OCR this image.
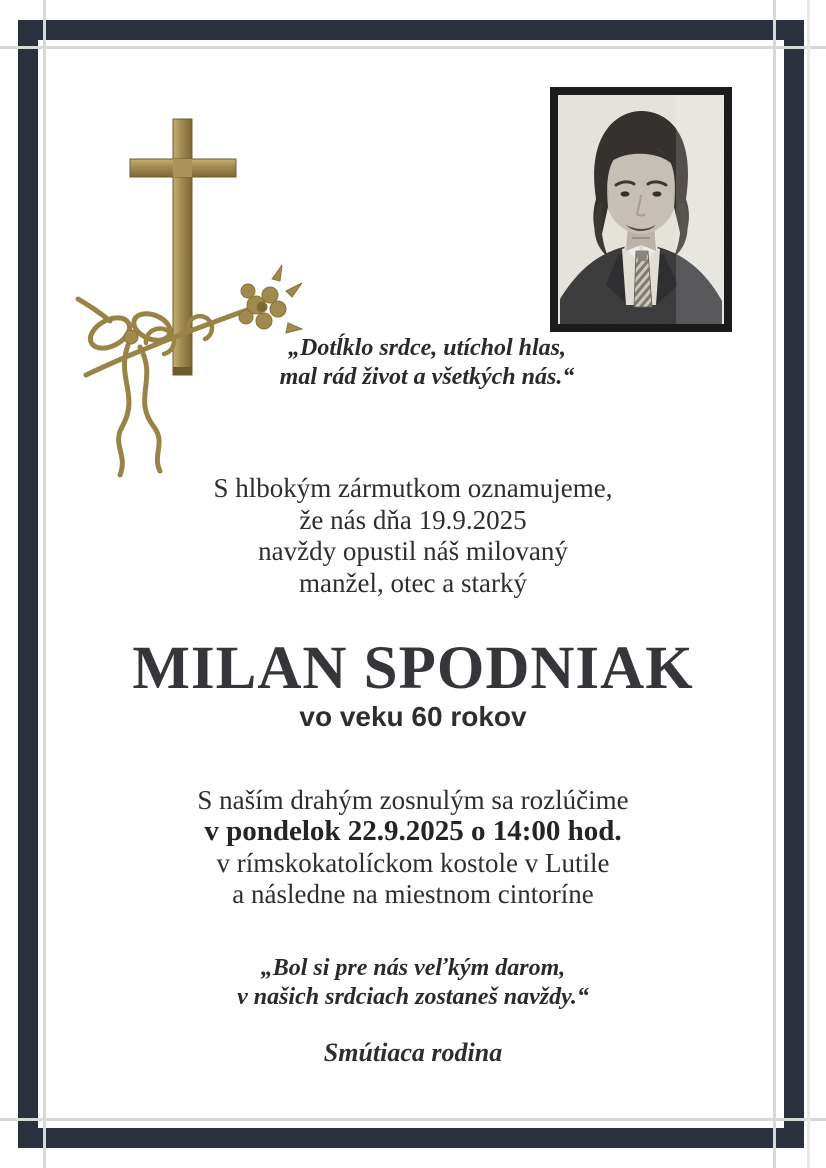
„Dotĺklo srdce, utíchol hlas,
mal rád život a všetkých nás.“
S hlbokým zármutkom oznamujeme,
že nás dňa 19.9.2025
navždy opustil náš milovaný
manžel, otec a starký
MILAN SPODNIAK
vo veku 60 rokov
S naším drahým zosnulým sa rozlúčime
v pondelok 22.9.2025 o 14:00 hod.
v rímskokatolíckom kostole v Lutile
a následne na miestnom cintoríne
„Bol si pre nás veľkým darom,
v našich srdciach zostaneš navždy.“
Smútiaca rodina
